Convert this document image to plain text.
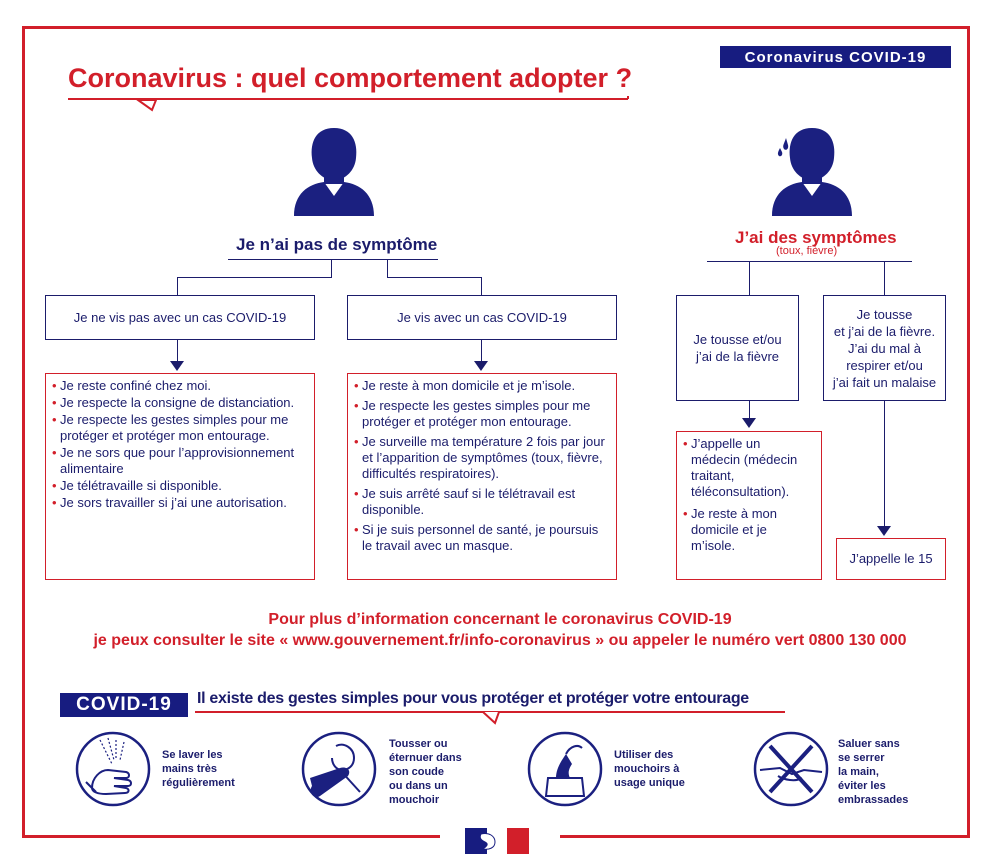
Coronavirus COVID-19
Coronavirus : quel comportement adopter ?
Je n’ai pas de symptôme	J’ai des symptômes
(toux, fièvre)
Je ne vis pas avec un cas COVID-19	Je vis avec un cas COVID-19
• Je reste confiné chez moi.
• Je respecte la consigne de distanciation.
• Je respecte les gestes simples pour me protéger et protéger mon entourage.
• Je ne sors que pour l’approvisionnement alimentaire
• Je télétravaille si disponible.
• Je sors travailler si j’ai une autorisation.
• Je reste à mon domicile et je m’isole.
• Je respecte les gestes simples pour me protéger et protéger mon entourage.
• Je surveille ma température 2 fois par jour et l’apparition de symptômes (toux, fièvre, difficultés respiratoires).
• Je suis arrêté sauf si le télétravail est disponible.
• Si je suis personnel de santé, je poursuis le travail avec un masque.
Je tousse et/ou
j’ai de la fièvre
Je tousse
et j’ai de la fièvre.
J’ai du mal à
respirer et/ou
j’ai fait un malaise
• J’appelle un médecin (médecin traitant, téléconsultation).
• Je reste à mon domicile et je m’isole.
J’appelle le 15
Pour plus d’information concernant le coronavirus COVID-19
je peux consulter le site « www.gouvernement.fr/info-coronavirus » ou appeler le numéro vert 0800 130 000
COVID-19 Il existe des gestes simples pour vous protéger et protéger votre entourage
Se laver les
mains très
régulièrement
Tousser ou
éternuer dans
son coude
ou dans un
mouchoir
Utiliser des
mouchoirs à
usage unique
Saluer sans
se serrer
la main,
éviter les
embrassades
